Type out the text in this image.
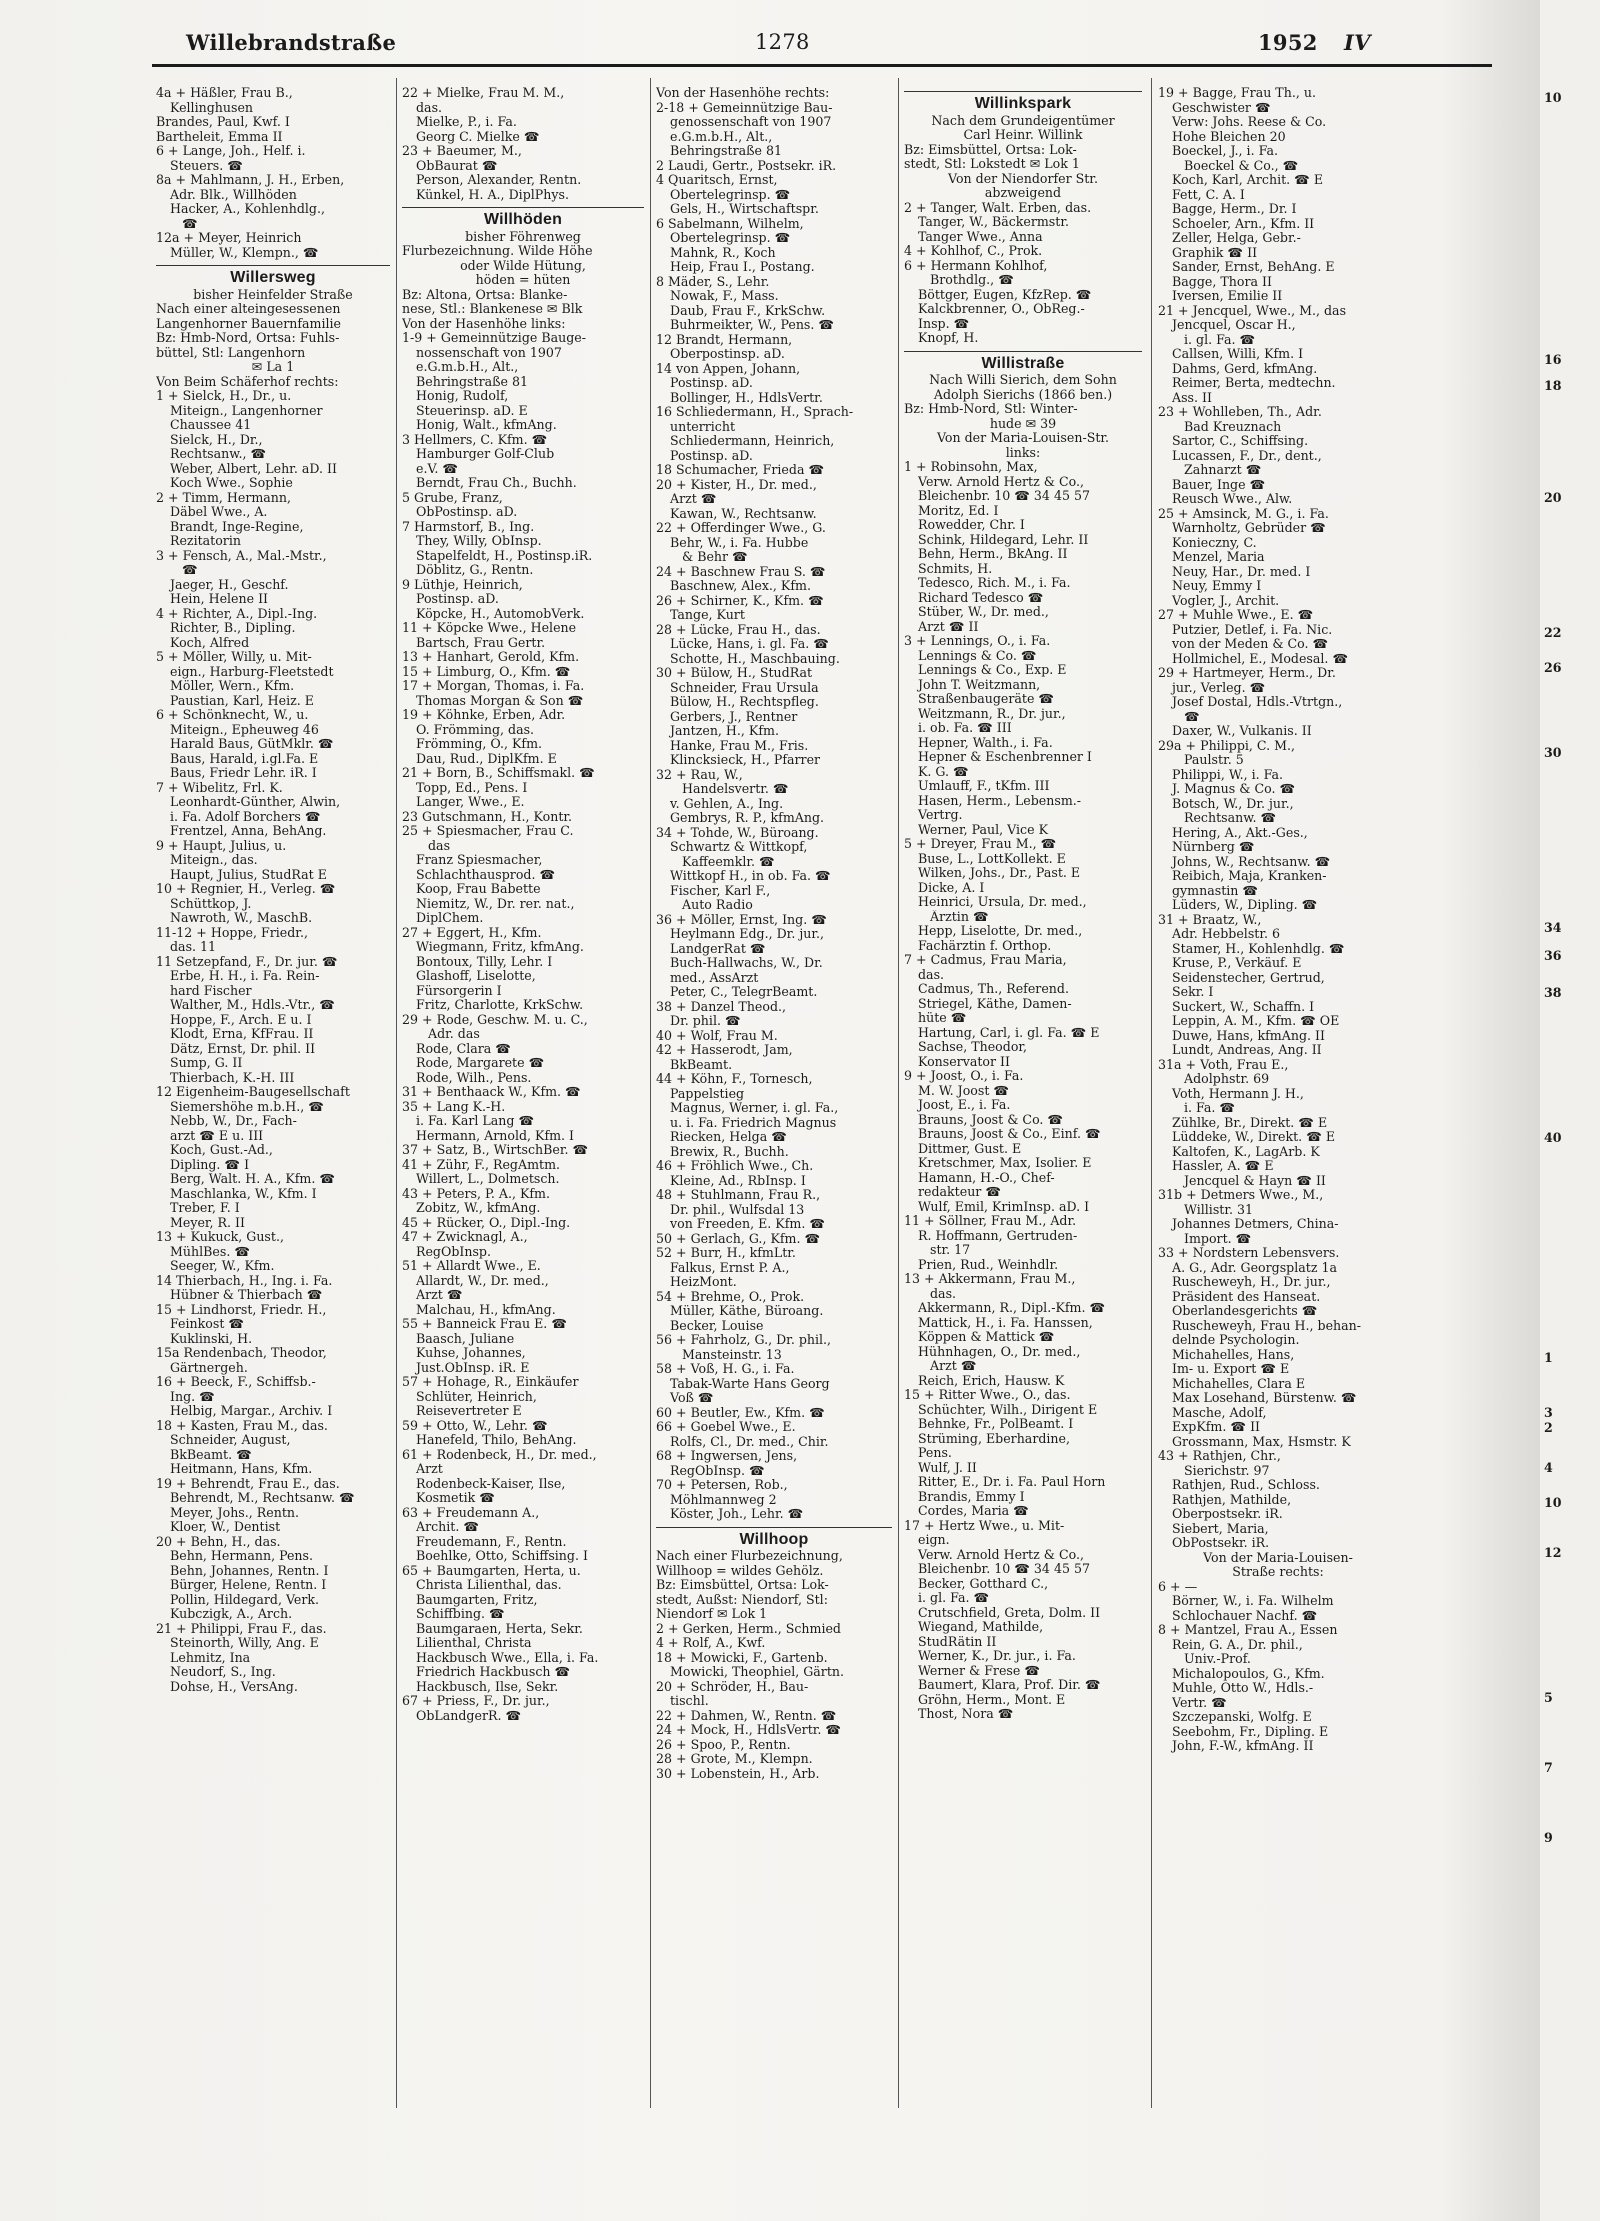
Willebrandstraße	1278	1952 IV
4a + Häßler, Frau B.,
Kellinghusen
Brandes, Paul, Kwf. I
Bartheleit, Emma II
6 + Lange, Joh., Helf. i.
Steuers. ☎
8a + Mahlmann, J. H., Erben,
Adr. Blk., Willhöden
Hacker, A., Kohlenhdlg.,
☎
12a + Meyer, Heinrich
Müller, W., Klempn., ☎
Willersweg
bisher Heinfelder Straße
Nach einer alteingesessenen
Langenhorner Bauernfamilie
Bz: Hmb-Nord, Ortsa: Fuhls-
büttel, Stl: Langenhorn
✉ La 1
Von Beim Schäferhof rechts:
1 + Sielck, H., Dr., u.
Miteign., Langenhorner
Chaussee 41
Sielck, H., Dr.,
Rechtsanw., ☎
Weber, Albert, Lehr. aD. II
Koch Wwe., Sophie
2 + Timm, Hermann,
Däbel Wwe., A.
Brandt, Inge-Regine,
Rezitatorin
3 + Fensch, A., Mal.-Mstr.,
☎
Jaeger, H., Geschf.
Hein, Helene II
4 + Richter, A., Dipl.-Ing.
Richter, B., Dipling.
Koch, Alfred
5 + Möller, Willy, u. Mit-
eign., Harburg-Fleetstedt
Möller, Wern., Kfm.
Paustian, Karl, Heiz. E
6 + Schönknecht, W., u.
Miteign., Epheuweg 46
Harald Baus, GütMklr. ☎
Baus, Harald, i.gl.Fa. E
Baus, Friedr Lehr. iR. I
7 + Wibelitz, Frl. K.
Leonhardt-Günther, Alwin,
i. Fa. Adolf Borchers ☎
Frentzel, Anna, BehAng.
9 + Haupt, Julius, u.
Miteign., das.
Haupt, Julius, StudRat E
10 + Regnier, H., Verleg. ☎
Schüttkop, J.
Nawroth, W., MaschB.
11-12 + Hoppe, Friedr.,
das. 11
11 Setzepfand, F., Dr. jur. ☎
Erbe, H. H., i. Fa. Rein-
hard Fischer
Walther, M., Hdls.-Vtr., ☎
Hoppe, F., Arch. E u. I
Klodt, Erna, KfFrau. II
Dätz, Ernst, Dr. phil. II
Sump, G. II
Thierbach, K.-H. III
12 Eigenheim-Baugesellschaft
Siemershöhe m.b.H., ☎
Nebb, W., Dr., Fach-
arzt ☎ E u. III
Koch, Gust.-Ad.,
Dipling. ☎ I
Berg, Walt. H. A., Kfm. ☎
Maschlanka, W., Kfm. I
Treber, F. I
Meyer, R. II
13 + Kukuck, Gust.,
MühlBes. ☎
Seeger, W., Kfm.
14 Thierbach, H., Ing. i. Fa.
Hübner & Thierbach ☎
15 + Lindhorst, Friedr. H.,
Feinkost ☎
Kuklinski, H.
15a Rendenbach, Theodor,
Gärtnergeh.
16 + Beeck, F., Schiffsb.-
Ing. ☎
Helbig, Margar., Archiv. I
18 + Kasten, Frau M., das.
Schneider, August,
BkBeamt. ☎
Heitmann, Hans, Kfm.
19 + Behrendt, Frau E., das.
Behrendt, M., Rechtsanw. ☎
Meyer, Johs., Rentn.
Kloer, W., Dentist
20 + Behn, H., das.
Behn, Hermann, Pens.
Behn, Johannes, Rentn. I
Bürger, Helene, Rentn. I
Pollin, Hildegard, Verk.
Kubczigk, A., Arch.
21 + Philippi, Frau F., das.
Steinorth, Willy, Ang. E
Lehmitz, Ina
Neudorf, S., Ing.
Dohse, H., VersAng.
22 + Mielke, Frau M. M.,
das.
Mielke, P., i. Fa.
Georg C. Mielke ☎
23 + Baeumer, M.,
ObBaurat ☎
Person, Alexander, Rentn.
Künkel, H. A., DiplPhys.
Willhöden
bisher Föhrenweg
Flurbezeichnung. Wilde Höhe
oder Wilde Hütung,
höden = hüten
Bz: Altona, Ortsa: Blanke-
nese, Stl.: Blankenese ✉ Blk
Von der Hasenhöhe links:
1-9 + Gemeinnützige Bauge-
nossenschaft von 1907
e.G.m.b.H., Alt.,
Behringstraße 81
Honig, Rudolf,
Steuerinsp. aD. E
Honig, Walt., kfmAng.
3 Hellmers, C. Kfm. ☎
Hamburger Golf-Club
e.V. ☎
Berndt, Frau Ch., Buchh.
5 Grube, Franz,
ObPostinsp. aD.
7 Harmstorf, B., Ing.
They, Willy, ObInsp.
Stapelfeldt, H., Postinsp.iR.
Döblitz, G., Rentn.
9 Lüthje, Heinrich,
Postinsp. aD.
Köpcke, H., AutomobVerk.
11 + Köpcke Wwe., Helene
Bartsch, Frau Gertr.
13 + Hanhart, Gerold, Kfm.
15 + Limburg, O., Kfm. ☎
17 + Morgan, Thomas, i. Fa.
Thomas Morgan & Son ☎
19 + Köhnke, Erben, Adr.
O. Frömming, das.
Frömming, O., Kfm.
Dau, Rud., DiplKfm. E
21 + Born, B., Schiffsmakl. ☎
Topp, Ed., Pens. I
Langer, Wwe., E.
23 Gutschmann, H., Kontr.
25 + Spiesmacher, Frau C.
das
Franz Spiesmacher,
Schlachthausprod. ☎
Koop, Frau Babette
Niemitz, W., Dr. rer. nat.,
DiplChem.
27 + Eggert, H., Kfm.
Wiegmann, Fritz, kfmAng.
Bontoux, Tilly, Lehr. I
Glashoff, Liselotte,
Fürsorgerin I
Fritz, Charlotte, KrkSchw.
29 + Rode, Geschw. M. u. C.,
Adr. das
Rode, Clara ☎
Rode, Margarete ☎
Rode, Wilh., Pens.
31 + Benthaack W., Kfm. ☎
35 + Lang K.-H.
i. Fa. Karl Lang ☎
Hermann, Arnold, Kfm. I
37 + Satz, B., WirtschBer. ☎
41 + Zühr, F., RegAmtm.
Willert, L., Dolmetsch.
43 + Peters, P. A., Kfm.
Zobitz, W., kfmAng.
45 + Rücker, O., Dipl.-Ing.
47 + Zwicknagl, A.,
RegObInsp.
51 + Allardt Wwe., E.
Allardt, W., Dr. med.,
Arzt ☎
Malchau, H., kfmAng.
55 + Banneick Frau E. ☎
Baasch, Juliane
Kuhse, Johannes,
Just.ObInsp. iR. E
57 + Hohage, R., Einkäufer
Schlüter, Heinrich,
Reisevertreter E
59 + Otto, W., Lehr. ☎
Hanefeld, Thilo, BehAng.
61 + Rodenbeck, H., Dr. med.,
Arzt
Rodenbeck-Kaiser, Ilse,
Kosmetik ☎
63 + Freudemann A.,
Archit. ☎
Freudemann, F., Rentn.
Boehlke, Otto, Schiffsing. I
65 + Baumgarten, Herta, u.
Christa Lilienthal, das.
Baumgarten, Fritz,
Schiffbing. ☎
Baumgaraen, Herta, Sekr.
Lilienthal, Christa
Hackbusch Wwe., Ella, i. Fa.
Friedrich Hackbusch ☎
Hackbusch, Ilse, Sekr.
67 + Priess, F., Dr. jur.,
ObLandgerR. ☎
Von der Hasenhöhe rechts:
2-18 + Gemeinnützige Bau-
genossenschaft von 1907
e.G.m.b.H., Alt.,
Behringstraße 81
2 Laudi, Gertr., Postsekr. iR.
4 Quaritsch, Ernst,
Obertelegrinsp. ☎
Gels, H., Wirtschaftspr.
6 Sabelmann, Wilhelm,
Obertelegrinsp. ☎
Mahnk, R., Koch
Heip, Frau I., Postang.
8 Mäder, S., Lehr.
Nowak, F., Mass.
Daub, Frau F., KrkSchw.
Buhrmeikter, W., Pens. ☎
12 Brandt, Hermann,
Oberpostinsp. aD.
14 von Appen, Johann,
Postinsp. aD.
Bollinger, H., HdlsVertr.
16 Schliedermann, H., Sprach-
unterricht
Schliedermann, Heinrich,
Postinsp. aD.
18 Schumacher, Frieda ☎
20 + Kister, H., Dr. med.,
Arzt ☎
Kawan, W., Rechtsanw.
22 + Offerdinger Wwe., G.
Behr, W., i. Fa. Hubbe
& Behr ☎
24 + Baschnew Frau S. ☎
Baschnew, Alex., Kfm.
26 + Schirner, K., Kfm. ☎
Tange, Kurt
28 + Lücke, Frau H., das.
Lücke, Hans, i. gl. Fa. ☎
Schotte, H., Maschbauing.
30 + Bülow, H., StudRat
Schneider, Frau Ursula
Bülow, H., Rechtspfleg.
Gerbers, J., Rentner
Jantzen, H., Kfm.
Hanke, Frau M., Fris.
Klincksieck, H., Pfarrer
32 + Rau, W.,
Handelsvertr. ☎
v. Gehlen, A., Ing.
Gembrys, R. P., kfmAng.
34 + Tohde, W., Büroang.
Schwartz & Wittkopf,
Kaffeemklr. ☎
Wittkopf H., in ob. Fa. ☎
Fischer, Karl F.,
Auto Radio
36 + Möller, Ernst, Ing. ☎
Heylmann Edg., Dr. jur.,
LandgerRat ☎
Buch-Hallwachs, W., Dr.
med., AssArzt
Peter, C., TelegrBeamt.
38 + Danzel Theod.,
Dr. phil. ☎
40 + Wolf, Frau M.
42 + Hasserodt, Jam,
BkBeamt.
44 + Köhn, F., Tornesch,
Pappelstieg
Magnus, Werner, i. gl. Fa.,
u. i. Fa. Friedrich Magnus
Riecken, Helga ☎
Brewix, R., Buchh.
46 + Fröhlich Wwe., Ch.
Kleine, Ad., RbInsp. I
48 + Stuhlmann, Frau R.,
Dr. phil., Wulfsdal 13
von Freeden, E. Kfm. ☎
50 + Gerlach, G., Kfm. ☎
52 + Burr, H., kfmLtr.
Falkus, Ernst P. A.,
HeizMont.
54 + Brehme, O., Prok.
Müller, Käthe, Büroang.
Becker, Louise
56 + Fahrholz, G., Dr. phil.,
Mansteinstr. 13
58 + Voß, H. G., i. Fa.
Tabak-Warte Hans Georg
Voß ☎
60 + Beutler, Ew., Kfm. ☎
66 + Goebel Wwe., E.
Rolfs, Cl., Dr. med., Chir.
68 + Ingwersen, Jens,
RegObInsp. ☎
70 + Petersen, Rob.,
Möhlmannweg 2
Köster, Joh., Lehr. ☎
Willhoop
Nach einer Flurbezeichnung,
Willhoop = wildes Gehölz.
Bz: Eimsbüttel, Ortsa: Lok-
stedt, Außst: Niendorf, Stl:
Niendorf ✉ Lok 1
2 + Gerken, Herm., Schmied
4 + Rolf, A., Kwf.
18 + Mowicki, F., Gartenb.
Mowicki, Theophiel, Gärtn.
20 + Schröder, H., Bau-
tischl.
22 + Dahmen, W., Rentn. ☎
24 + Mock, H., HdlsVertr. ☎
26 + Spoo, P., Rentn.
28 + Grote, M., Klempn.
30 + Lobenstein, H., Arb.
Willinkspark
Nach dem Grundeigentümer
Carl Heinr. Willink
Bz: Eimsbüttel, Ortsa: Lok-
stedt, Stl: Lokstedt ✉ Lok 1
Von der Niendorfer Str.
abzweigend
2 + Tanger, Walt. Erben, das.
Tanger, W., Bäckermstr.
Tanger Wwe., Anna
4 + Kohlhof, C., Prok.
6 + Hermann Kohlhof,
Brothdlg., ☎
Böttger, Eugen, KfzRep. ☎
Kalckbrenner, O., ObReg.-
Insp. ☎
Knopf, H.
Willistraße
Nach Willi Sierich, dem Sohn
Adolph Sierichs (1866 ben.)
Bz: Hmb-Nord, Stl: Winter-
hude ✉ 39
Von der Maria-Louisen-Str.
links:
1 + Robinsohn, Max,
Verw. Arnold Hertz & Co.,
Bleichenbr. 10 ☎ 34 45 57
Moritz, Ed. I
Rowedder, Chr. I
Schink, Hildegard, Lehr. II
Behn, Herm., BkAng. II
Schmits, H.
Tedesco, Rich. M., i. Fa.
Richard Tedesco ☎
Stüber, W., Dr. med.,
Arzt ☎ II
3 + Lennings, O., i. Fa.
Lennings & Co. ☎
Lennings & Co., Exp. E
John T. Weitzmann,
Straßenbaugeräte ☎
Weitzmann, R., Dr. jur.,
i. ob. Fa. ☎ III
Hepner, Walth., i. Fa.
Hepner & Eschenbrenner I
K. G. ☎
Umlauff, F., tKfm. III
Hasen, Herm., Lebensm.-
Vertrg.
Werner, Paul, Vice K
5 + Dreyer, Frau M., ☎
Buse, L., LottKollekt. E
Wilken, Johs., Dr., Past. E
Dicke, A. I
Heinrici, Ursula, Dr. med.,
Ärztin ☎
Hepp, Liselotte, Dr. med.,
Fachärztin f. Orthop.
7 + Cadmus, Frau Maria,
das.
Cadmus, Th., Referend.
Striegel, Käthe, Damen-
hüte ☎
Hartung, Carl, i. gl. Fa. ☎ E
Sachse, Theodor,
Konservator II
9 + Joost, O., i. Fa.
M. W. Joost ☎
Joost, E., i. Fa.
Brauns, Joost & Co. ☎
Brauns, Joost & Co., Einf. ☎
Dittmer, Gust. E
Kretschmer, Max, Isolier. E
Hamann, H.-O., Chef-
redakteur ☎
Wulf, Emil, KrimInsp. aD. I
11 + Söllner, Frau M., Adr.
R. Hoffmann, Gertruden-
str. 17
Prien, Rud., Weinhdlr.
13 + Akkermann, Frau M.,
das.
Akkermann, R., Dipl.-Kfm. ☎
Mattick, H., i. Fa. Hanssen,
Köppen & Mattick ☎
Hühnhagen, O., Dr. med.,
Arzt ☎
Reich, Erich, Hausw. K
15 + Ritter Wwe., O., das.
Schüchter, Wilh., Dirigent E
Behnke, Fr., PolBeamt. I
Strüming, Eberhardine,
Pens.
Wulf, J. II
Ritter, E., Dr. i. Fa. Paul Horn
Brandis, Emmy I
Cordes, Maria ☎
17 + Hertz Wwe., u. Mit-
eign.
Verw. Arnold Hertz & Co.,
Bleichenbr. 10 ☎ 34 45 57
Becker, Gotthard C.,
i. gl. Fa. ☎
Crutschfield, Greta, Dolm. II
Wiegand, Mathilde,
StudRätin II
Werner, K., Dr. jur., i. Fa.
Werner & Frese ☎
Baumert, Klara, Prof. Dir. ☎
Gröhn, Herm., Mont. E
Thost, Nora ☎
19 + Bagge, Frau Th., u.
Geschwister ☎
Verw: Johs. Reese & Co.
Hohe Bleichen 20
Boeckel, J., i. Fa.
Boeckel & Co., ☎
Koch, Karl, Archit. ☎ E
Fett, C. A. I
Bagge, Herm., Dr. I
Schoeler, Arn., Kfm. II
Zeller, Helga, Gebr.-
Graphik ☎ II
Sander, Ernst, BehAng. E
Bagge, Thora II
Iversen, Emilie II
21 + Jencquel, Wwe., M., das
Jencquel, Oscar H.,
i. gl. Fa. ☎
Callsen, Willi, Kfm. I
Dahms, Gerd, kfmAng.
Reimer, Berta, medtechn.
Ass. II
23 + Wohlleben, Th., Adr.
Bad Kreuznach
Sartor, C., Schiffsing.
Lucassen, F., Dr., dent.,
Zahnarzt ☎
Bauer, Inge ☎
Reusch Wwe., Alw.
25 + Amsinck, M. G., i. Fa.
Warnholtz, Gebrüder ☎
Konieczny, C.
Menzel, Maria
Neuy, Har., Dr. med. I
Neuy, Emmy I
Vogler, J., Archit.
27 + Muhle Wwe., E. ☎
Putzier, Detlef, i. Fa. Nic.
von der Meden & Co. ☎
Hollmichel, E., Modesal. ☎
29 + Hartmeyer, Herm., Dr.
jur., Verleg. ☎
Josef Dostal, Hdls.-Vtrtgn.,
☎
Daxer, W., Vulkanis. II
29a + Philippi, C. M.,
Paulstr. 5
Philippi, W., i. Fa.
J. Magnus & Co. ☎
Botsch, W., Dr. jur.,
Rechtsanw. ☎
Hering, A., Akt.-Ges.,
Nürnberg ☎
Johns, W., Rechtsanw. ☎
Reibich, Maja, Kranken-
gymnastin ☎
Lüders, W., Dipling. ☎
31 + Braatz, W.,
Adr. Hebbelstr. 6
Stamer, H., Kohlenhdlg. ☎
Kruse, P., Verkäuf. E
Seidenstecher, Gertrud,
Sekr. I
Suckert, W., Schaffn. I
Leppin, A. M., Kfm. ☎ OE
Duwe, Hans, kfmAng. II
Lundt, Andreas, Ang. II
31a + Voth, Frau E.,
Adolphstr. 69
Voth, Hermann J. H.,
i. Fa. ☎
Zühlke, Br., Direkt. ☎ E
Lüddeke, W., Direkt. ☎ E
Kaltofen, K., LagArb. K
Hassler, A. ☎ E
Jencquel & Hayn ☎ II
31b + Detmers Wwe., M.,
Willistr. 31
Johannes Detmers, China-
Import. ☎
33 + Nordstern Lebensvers.
A. G., Adr. Georgsplatz 1a
Ruscheweyh, H., Dr. jur.,
Präsident des Hanseat.
Oberlandesgerichts ☎
Ruscheweyh, Frau H., behan-
delnde Psychologin.
Michahelles, Hans,
Im- u. Export ☎ E
Michahelles, Clara E
Max Losehand, Bürstenw. ☎
Masche, Adolf,
ExpKfm. ☎ II
Grossmann, Max, Hsmstr. K
43 + Rathjen, Chr.,
Sierichstr. 97
Rathjen, Rud., Schloss.
Rathjen, Mathilde,
Oberpostsekr. iR.
Siebert, Maria,
ObPostsekr. iR.
Von der Maria-Louisen-
Straße rechts:
6 + —
Börner, W., i. Fa. Wilhelm
Schlochauer Nachf. ☎
8 + Mantzel, Frau A., Essen
Rein, G. A., Dr. phil.,
Univ.-Prof.
Michalopoulos, G., Kfm.
Muhle, Otto W., Hdls.-
Vertr. ☎
Szczepanski, Wolfg. E
Seebohm, Fr., Dipling. E
John, F.-W., kfmAng. II
10
16
18
20
22
26
30
34
36
38
40
1
3
2
4
10
12
5
7
9
